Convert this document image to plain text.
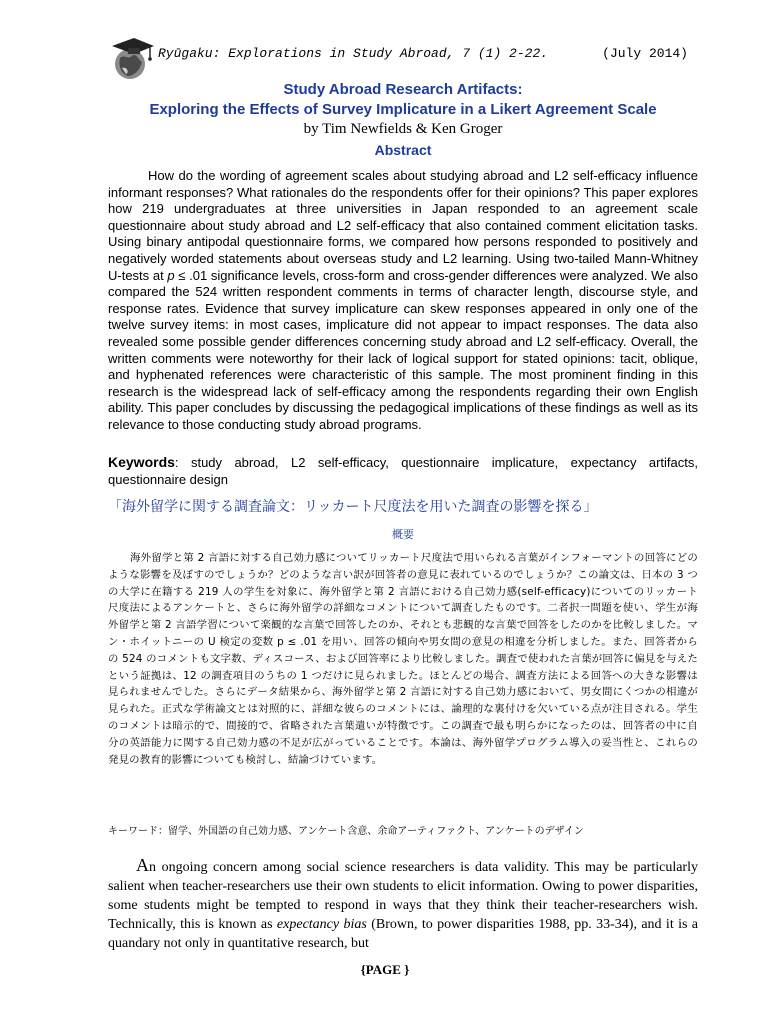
Ryūgaku: Explorations in Study Abroad, 7 (1) 2-22.	(July 2014)

Study Abroad Research Artifacts:

Exploring the Effects of Survey Implicature in a Likert Agreement Scale

by Tim Newfields & Ken Groger

Abstract

How do the wording of agreement scales about studying abroad and L2 self-efficacy influence informant responses? What rationales do the respondents offer for their opinions? This paper explores how 219 undergraduates at three universities in Japan responded to an agreement scale questionnaire about study abroad and L2 self-efficacy that also contained comment elicitation tasks. Using binary antipodal questionnaire forms, we compared how persons responded to positively and negatively worded statements about overseas study and L2 learning. Using two-tailed Mann-Whitney U-tests at p ≤ .01 significance levels, cross-form and cross-gender differences were analyzed. We also compared the 524 written respondent comments in terms of character length, discourse style, and response rates. Evidence that survey implicature can skew responses appeared in only one of the twelve survey items: in most cases, implicature did not appear to impact responses. The data also revealed some possible gender differences concerning study abroad and L2 self-efficacy. Overall, the written comments were noteworthy for their lack of logical support for stated opinions: tacit, oblique, and hyphenated references were characteristic of this sample. The most prominent finding in this research is the widespread lack of self-efficacy among the respondents regarding their own English ability. This paper concludes by discussing the pedagogical implications of these findings as well as its relevance to those conducting study abroad programs.

Keywords: study abroad, L2 self-efficacy, questionnaire implicature, expectancy artifacts, questionnaire design

「海外留学に関する調査論文：リッカート尺度法を用いた調査の影響を探る」
概要

海外留学と第 2 言語に対する自己効力感についてリッカート尺度法で用いられる言葉がインフォーマントの回答にどのような影響を及ぼすのでしょうか？どのような言い訳が回答者の意見に表れているのでしょうか？この論文は、日本の 3 つの大学に在籍する 219 人の学生を対象に、海外留学と第 2 言語における自己効力感(self-efficacy)についてのリッカート尺度法によるアンケートと、さらに海外留学の詳細なコメントについて調査したものです。二者択一問題を使い、学生が海外留学と第 2 言語学習について楽観的な言葉で回答したのか、それとも悲観的な言葉で回答をしたのかを比較しました。マン・ホイットニーの U 検定の変数 p ≤ .01 を用い、回答の傾向や男女間の意見の相違を分析しました。また、回答者からの 524 のコメントも文字数、ディスコース、および回答率により比較しました。調査で使われた言葉が回答に偏見を与えたという証拠は、12 の調査項目のうちの 1 つだけに見られました。ほとんどの場合、調査方法による回答への大きな影響は見られませんでした。さらにデータ結果から、海外留学と第 2 言語に対する自己効力感において、男女間にくつかの相違が見られた。正式な学術論文とは対照的に、詳細な彼らのコメントには、論理的な裏付けを欠いている点が注目される。学生のコメントは暗示的で、間接的で、省略された言葉遣いが特徴です。この調査で最も明らかになったのは、回答者の中に自分の英語能力に関する自己効力感の不足が広がっていることです。本論は、海外留学プログラム導入の妥当性と、これらの発見の教育的影響についても検討し、結論づけています。

キーワード：留学、外国語の自己効力感、アンケート含意、余命アーティファクト、アンケートのデザイン

An ongoing concern among social science researchers is data validity. This may be particularly salient when teacher-researchers use their own students to elicit information. Owing to power disparities, some students might be tempted to respond in ways that they think their teacher-researchers wish. Technically, this is known as expectancy bias (Brown, to power disparities 1988, pp. 33-34), and it is a quandary not only in quantitative research, but

{PAGE }
